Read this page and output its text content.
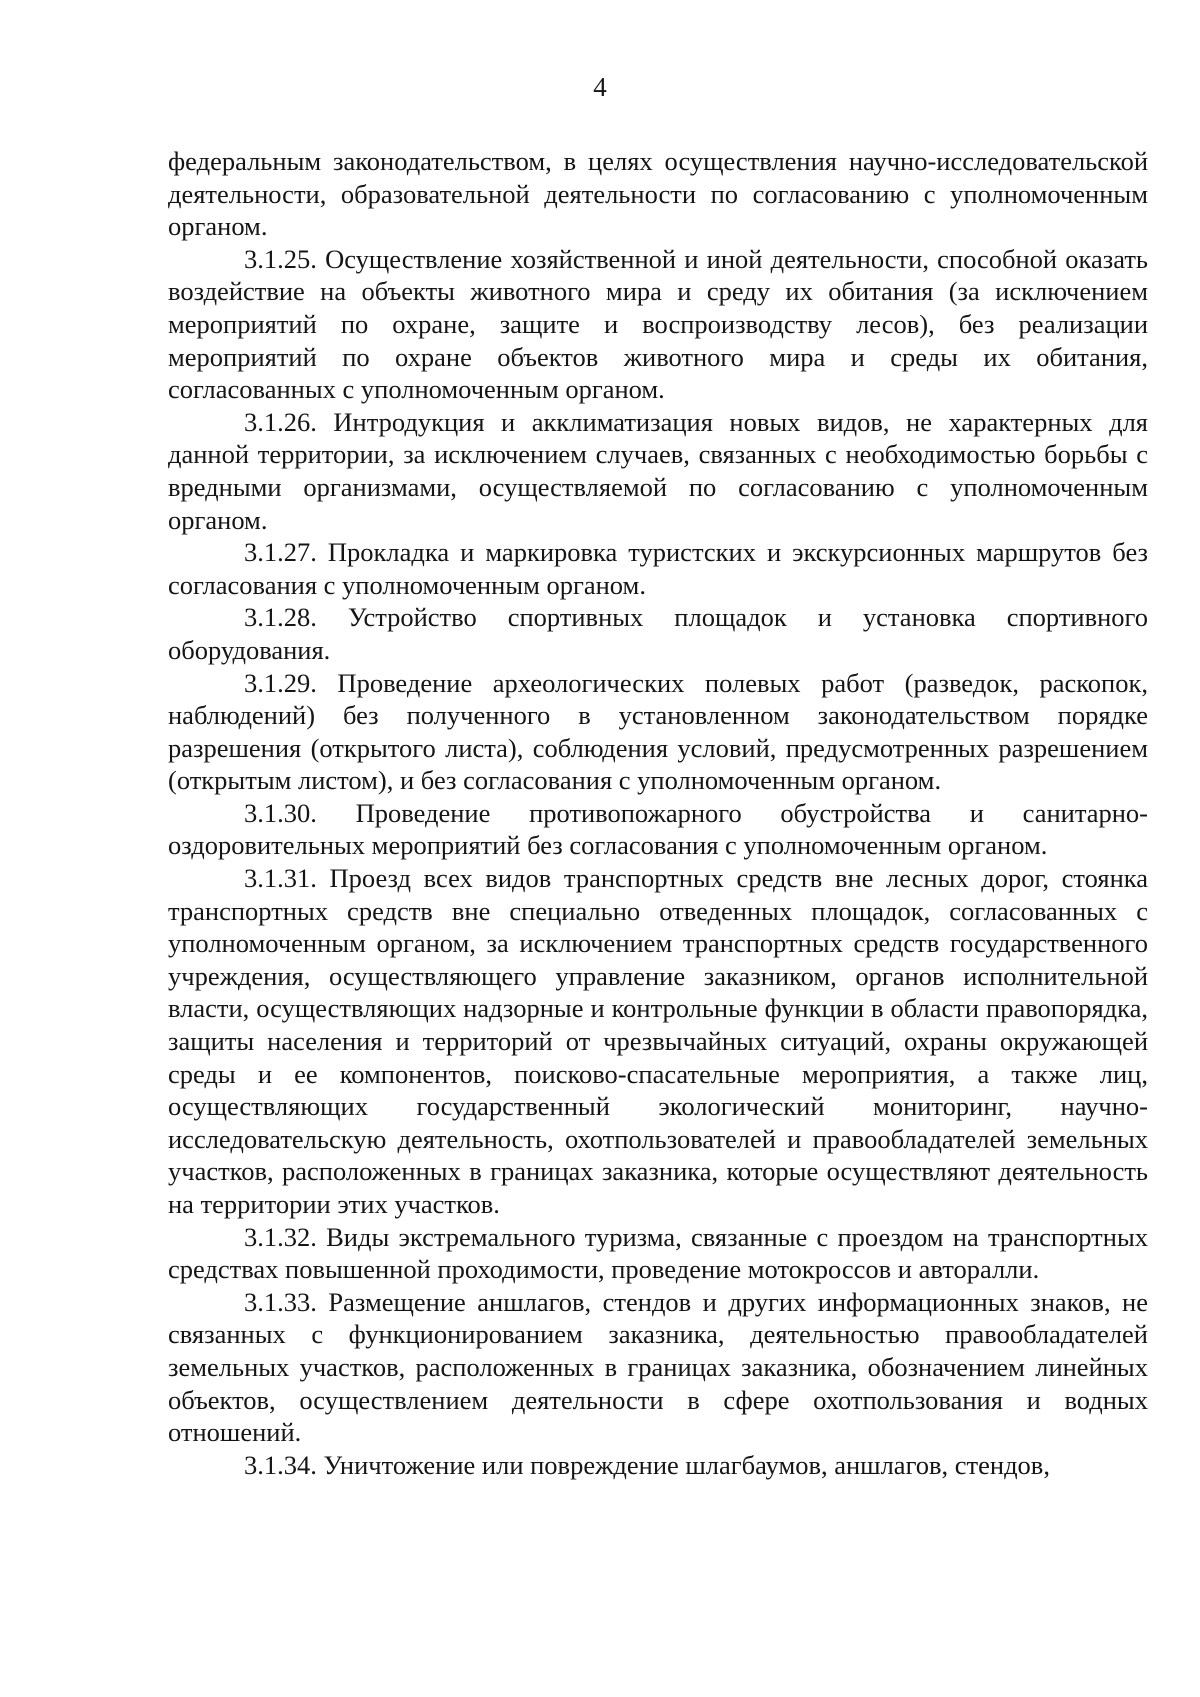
4

федеральным законодательством, в целях осуществления научно-исследовательской деятельности, образовательной деятельности по согласованию с уполномоченным органом.

3.1.25. Осуществление хозяйственной и иной деятельности, способной оказать воздействие на объекты животного мира и среду их обитания (за исключением мероприятий по охране, защите и воспроизводству лесов), без реализации мероприятий по охране объектов животного мира и среды их обитания, согласованных с уполномоченным органом.

3.1.26. Интродукция и акклиматизация новых видов, не характерных для данной территории, за исключением случаев, связанных с необходимостью борьбы с вредными организмами, осуществляемой по согласованию с уполномоченным органом.

3.1.27. Прокладка и маркировка туристских и экскурсионных маршрутов без согласования с уполномоченным органом.

3.1.28. Устройство спортивных площадок и установка спортивного оборудования.

3.1.29. Проведение археологических полевых работ (разведок, раскопок, наблюдений) без полученного в установленном законодательством порядке разрешения (открытого листа), соблюдения условий, предусмотренных разрешением (открытым листом), и без согласования с уполномоченным органом.

3.1.30. Проведение противопожарного обустройства и санитарно-оздоровительных мероприятий без согласования с уполномоченным органом.

3.1.31. Проезд всех видов транспортных средств вне лесных дорог, стоянка транспортных средств вне специально отведенных площадок, согласованных с уполномоченным органом, за исключением транспортных средств государственного учреждения, осуществляющего управление заказником, органов исполнительной власти, осуществляющих надзорные и контрольные функции в области правопорядка, защиты населения и территорий от чрезвычайных ситуаций, охраны окружающей среды и ее компонентов, поисково-спасательные мероприятия, а также лиц, осуществляющих государственный экологический мониторинг, научно-исследовательскую деятельность, охотпользователей и правообладателей земельных участков, расположенных в границах заказника, которые осуществляют деятельность на территории этих участков.

3.1.32. Виды экстремального туризма, связанные с проездом на транспортных средствах повышенной проходимости, проведение мотокроссов и авторалли.

3.1.33. Размещение аншлагов, стендов и других информационных знаков, не связанных с функционированием заказника, деятельностью правообладателей земельных участков, расположенных в границах заказника, обозначением линейных объектов, осуществлением деятельности в сфере охотпользования и водных отношений.

3.1.34. Уничтожение или повреждение шлагбаумов, аншлагов, стендов,
